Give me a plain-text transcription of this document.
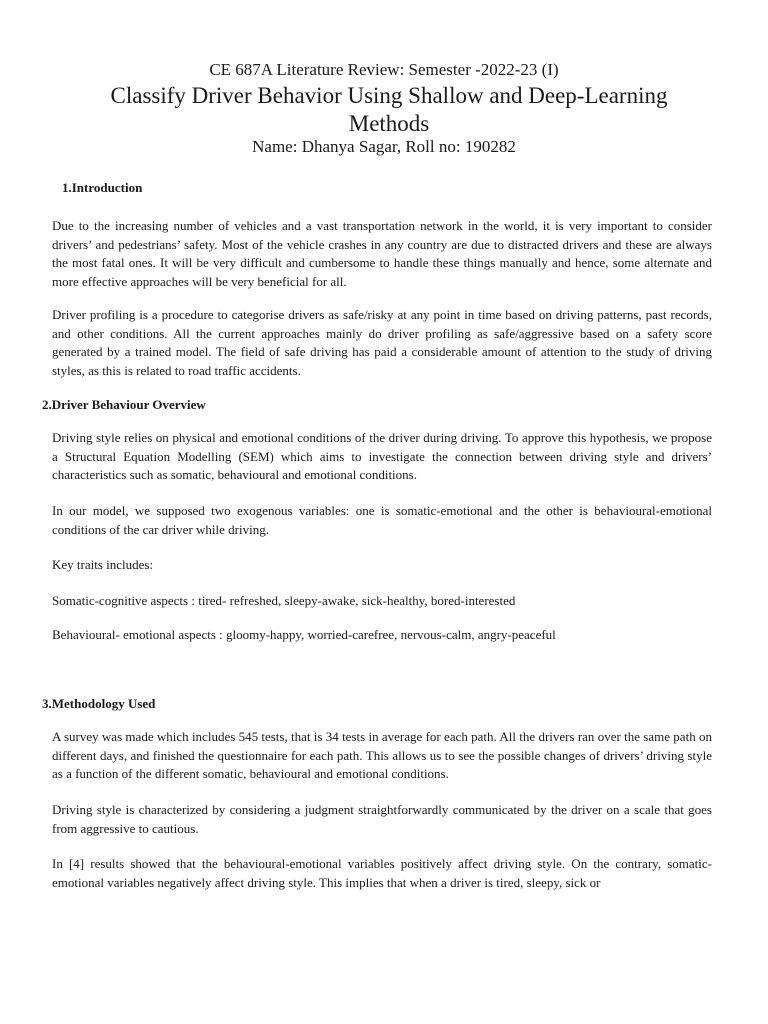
CE 687A Literature Review: Semester -2022-23 (I)
Classify Driver Behavior Using Shallow and Deep-Learning Methods
Name: Dhanya Sagar, Roll no: 190282
1.Introduction
Due to the increasing number of vehicles and a vast transportation network in the world, it is very important to consider drivers’ and pedestrians’ safety. Most of the vehicle crashes in any country are due to distracted drivers and these are always the most fatal ones. It will be very difficult and cumbersome to handle these things manually and hence, some alternate and more effective approaches will be very beneficial for all.
Driver profiling is a procedure to categorise drivers as safe/risky at any point in time based on driving patterns, past records, and other conditions. All the current approaches mainly do driver profiling as safe/aggressive based on a safety score generated by a trained model. The field of safe driving has paid a considerable amount of attention to the study of driving styles, as this is related to road traffic accidents.
2.Driver Behaviour Overview
Driving style relies on physical and emotional conditions of the driver during driving. To approve this hypothesis, we propose a Structural Equation Modelling (SEM) which aims to investigate the connection between driving style and drivers’ characteristics such as somatic, behavioural and emotional conditions.
In our model, we supposed two exogenous variables: one is somatic-emotional and the other is behavioural-emotional conditions of the car driver while driving.
Key traits includes:
Somatic-cognitive aspects : tired- refreshed, sleepy-awake, sick-healthy, bored-interested
Behavioural- emotional aspects : gloomy-happy, worried-carefree, nervous-calm, angry-peaceful
3.Methodology Used
A survey was made which includes 545 tests, that is 34 tests in average for each path. All the drivers ran over the same path on different days, and finished the questionnaire for each path. This allows us to see the possible changes of drivers’ driving style as a function of the different somatic, behavioural and emotional conditions.
Driving style is characterized by considering a judgment straightforwardly communicated by the driver on a scale that goes from aggressive to cautious.
In [4] results showed that the behavioural-emotional variables positively affect driving style. On the contrary, somatic-emotional variables negatively affect driving style. This implies that when a driver is tired, sleepy, sick or
